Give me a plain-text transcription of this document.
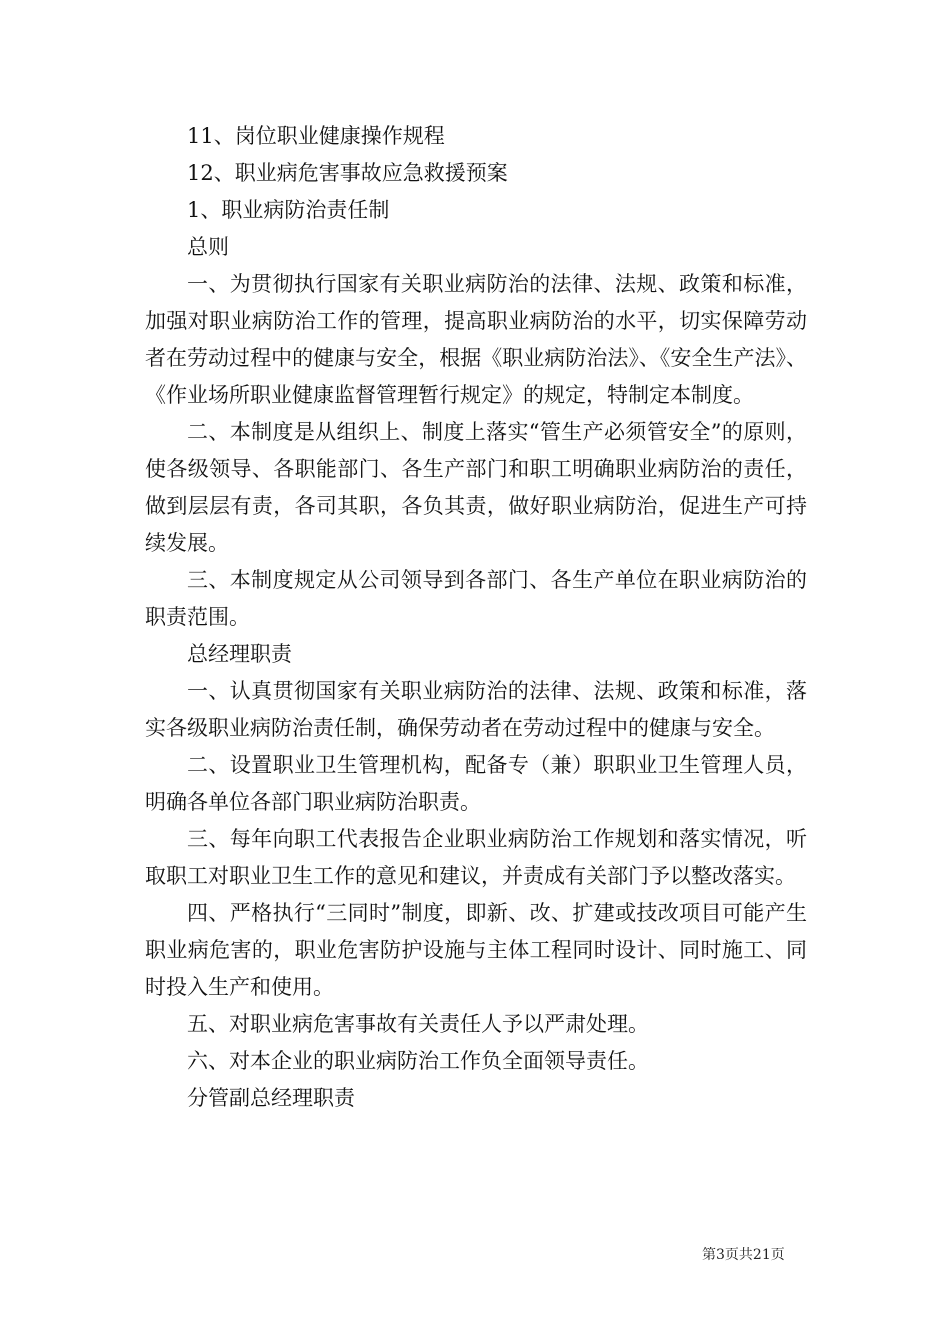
11、岗位职业健康操作规程

12、职业病危害事故应急救援预案

1、职业病防治责任制

总则

一、为贯彻执行国家有关职业病防治的法律、法规、政策和标准，加强对职业病防治工作的管理，提高职业病防治的水平，切实保障劳动者在劳动过程中的健康与安全，根据《职业病防治法》、《安全生产法》、《作业场所职业健康监督管理暂行规定》的规定，特制定本制度。

二、本制度是从组织上、制度上落实“管生产必须管安全”的原则，使各级领导、各职能部门、各生产部门和职工明确职业病防治的责任，做到层层有责，各司其职，各负其责，做好职业病防治，促进生产可持续发展。

三、本制度规定从公司领导到各部门、各生产单位在职业病防治的职责范围。

总经理职责

一、认真贯彻国家有关职业病防治的法律、法规、政策和标准，落实各级职业病防治责任制，确保劳动者在劳动过程中的健康与安全。

二、设置职业卫生管理机构，配备专（兼）职职业卫生管理人员，明确各单位各部门职业病防治职责。

三、每年向职工代表报告企业职业病防治工作规划和落实情况，听取职工对职业卫生工作的意见和建议，并责成有关部门予以整改落实。

四、严格执行“三同时”制度，即新、改、扩建或技改项目可能产生职业病危害的，职业危害防护设施与主体工程同时设计、同时施工、同时投入生产和使用。

五、对职业病危害事故有关责任人予以严肃处理。

六、对本企业的职业病防治工作负全面领导责任。

分管副总经理职责

第3页共21页
